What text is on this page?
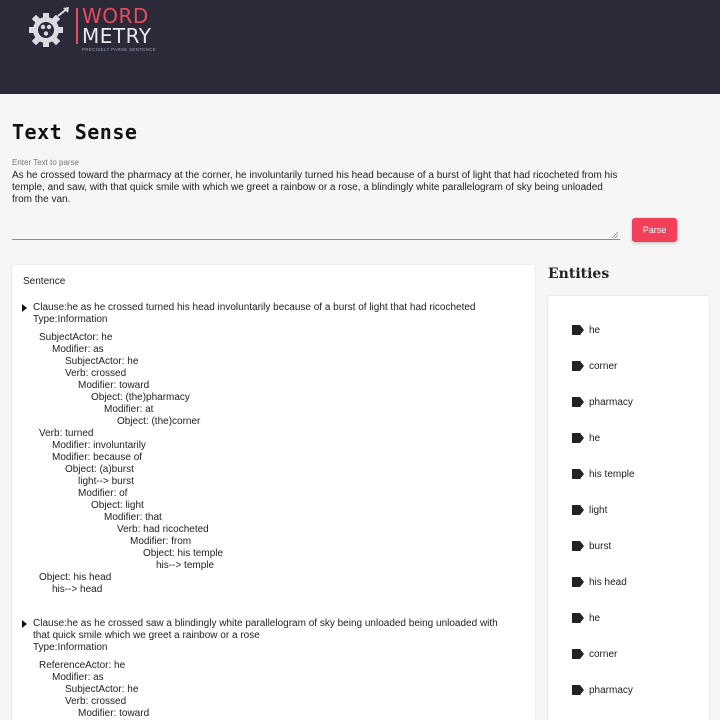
WORD
METRY
PRECISELY PARSE SENTENCE
Text Sense
Enter Text to parse
As he crossed toward the pharmacy at the corner, he involuntarily turned his head because of a burst of light that had ricocheted from his temple, and saw, with that quick smile with which we greet a rainbow or a rose, a blindingly white parallelogram of sky being unloaded from the van.
Parse
Sentence
Clause:he as he crossed turned his head involuntarily because of a burst of light that had ricocheted
Type:Information
SubjectActor: he
Modifier: as
SubjectActor: he
Verb: crossed
Modifier: toward
Object: (the)pharmacy
Modifier: at
Object: (the)corner
Verb: turned
Modifier: involuntarily
Modifier: because of
Object: (a)burst
light--> burst
Modifier: of
Object: light
Modifier: that
Verb: had ricocheted
Modifier: from
Object: his temple
his--> temple
Object: his head
his--> head
Clause:he as he crossed saw a blindingly white parallelogram of sky being unloaded being unloaded with
that quick smile which we greet a rainbow or a rose
Type:Information
ReferenceActor: he
Modifier: as
SubjectActor: he
Verb: crossed
Modifier: toward
Entities
he
corner
pharmacy
he
his temple
light
burst
his head
he
corner
pharmacy
